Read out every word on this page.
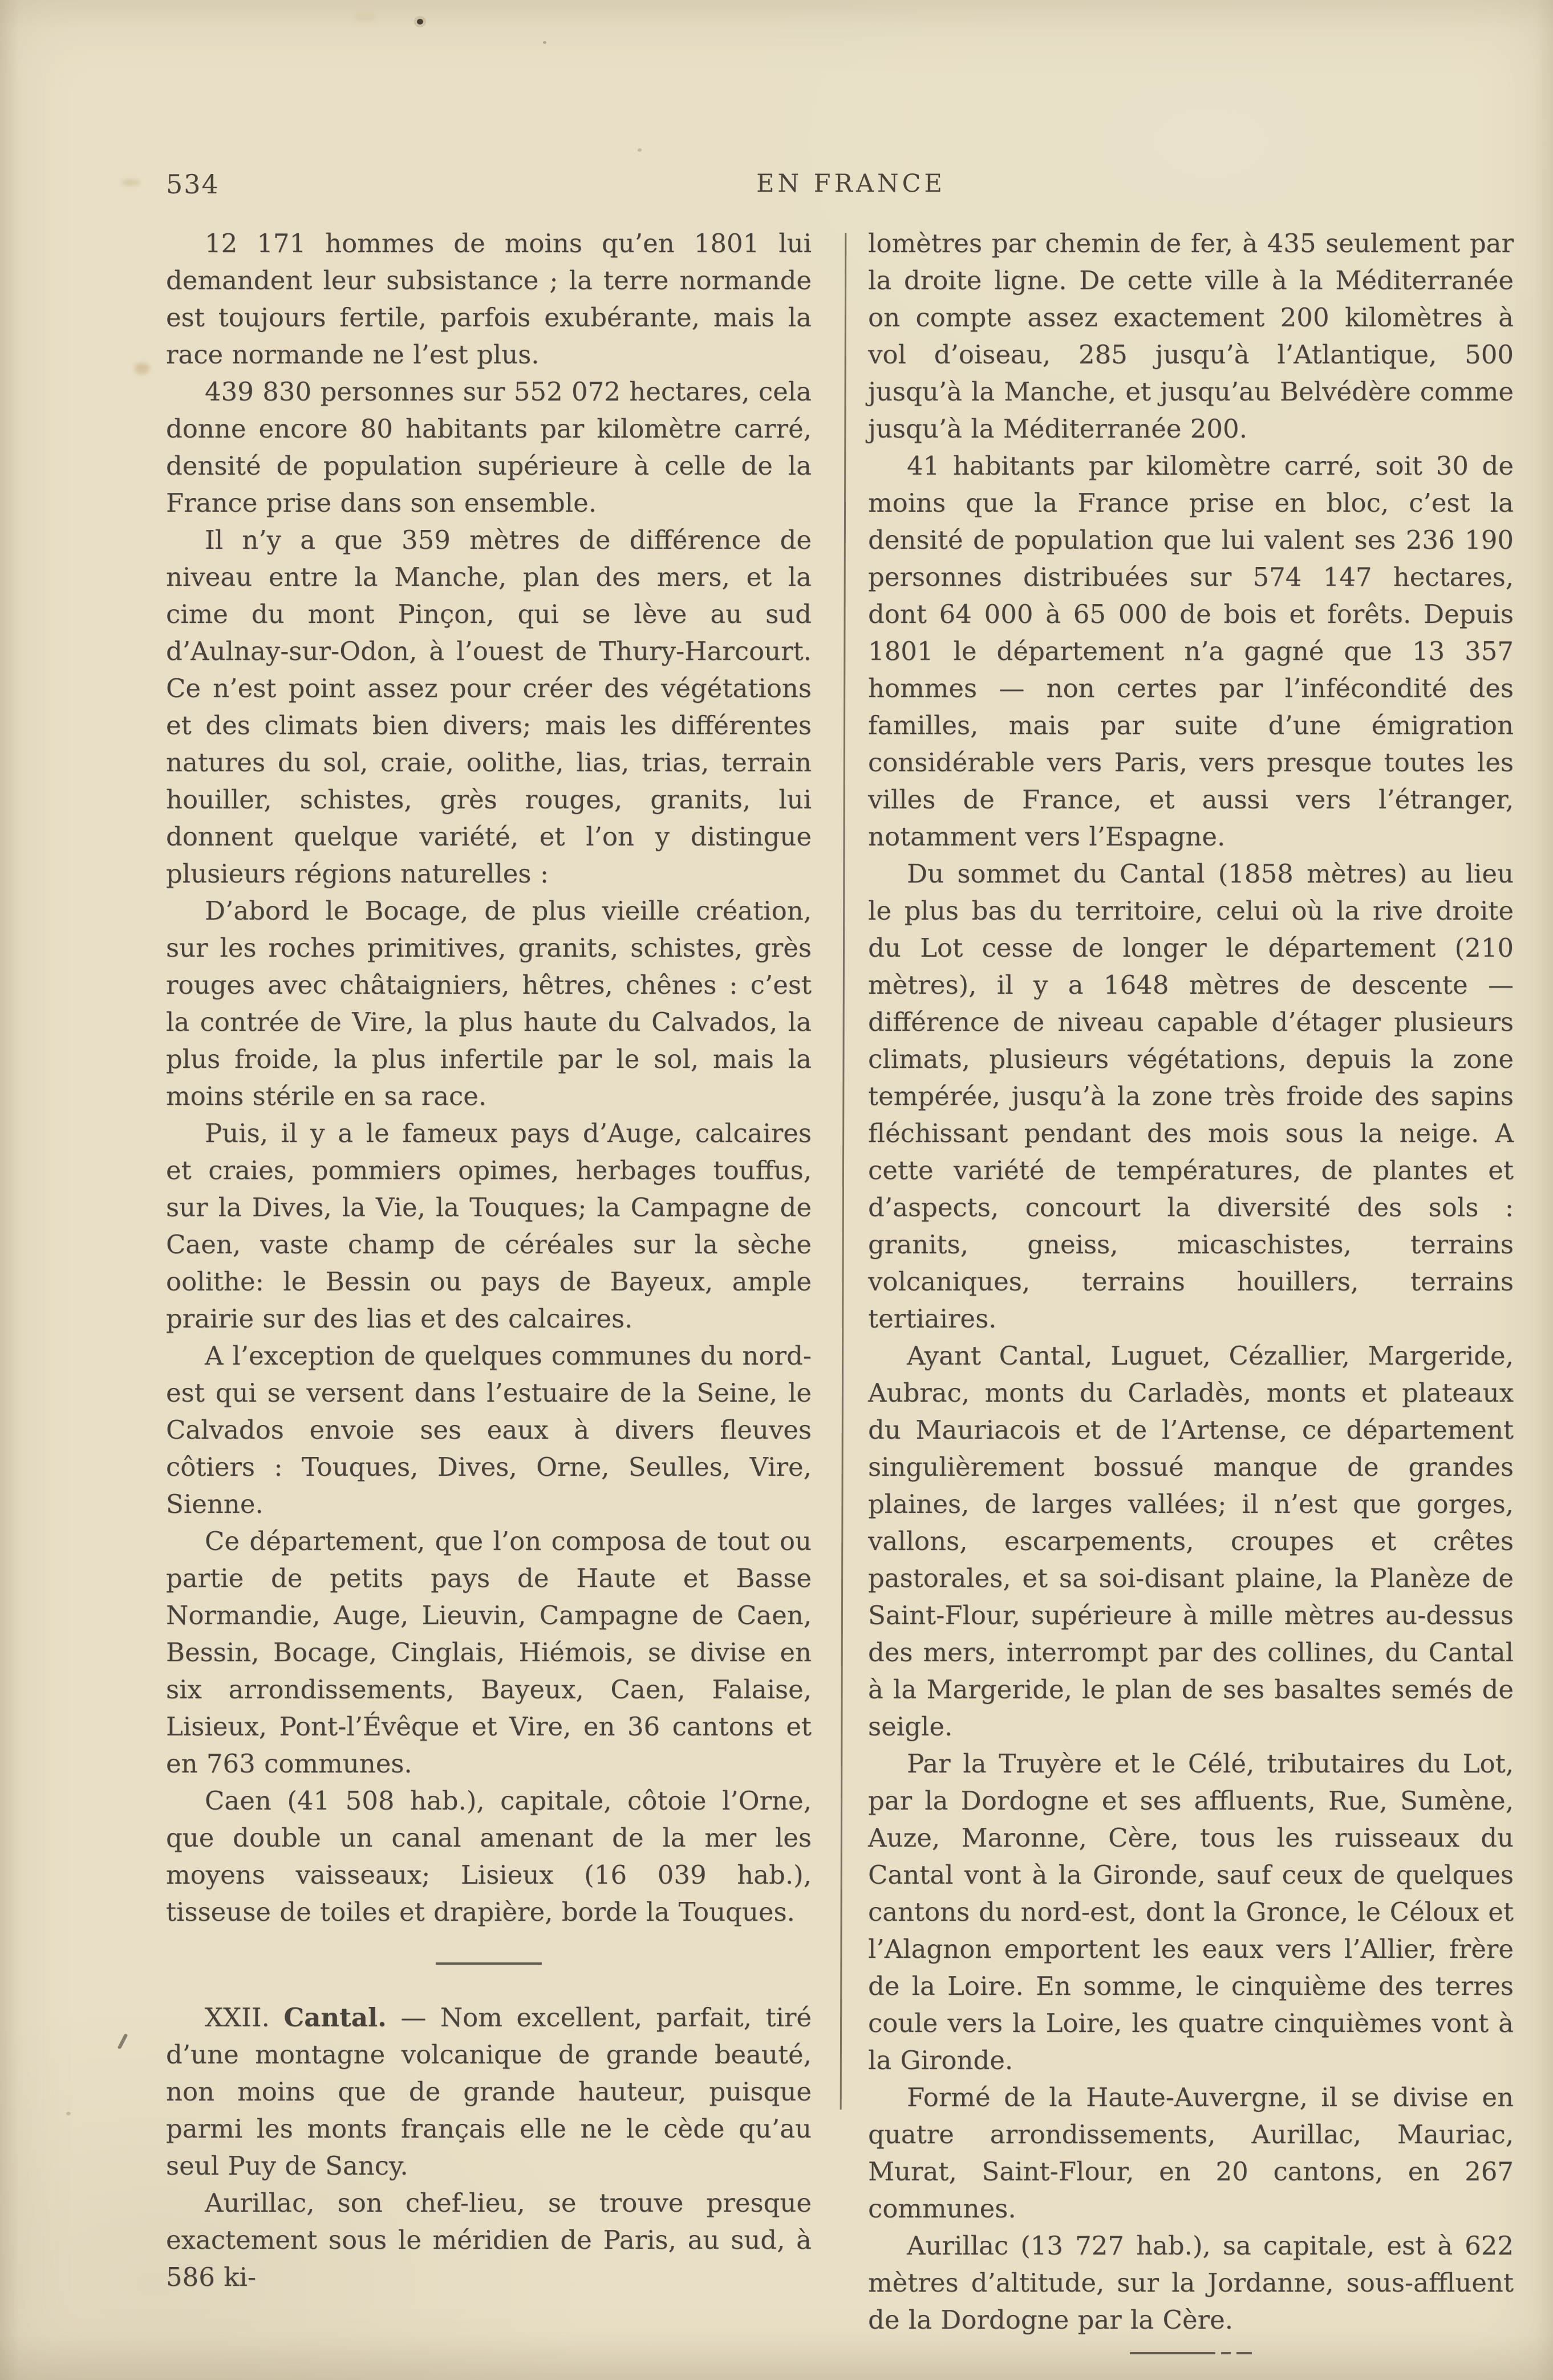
534	EN FRANCE

12 171 hommes de moins qu’en 1801 lui demandent leur subsistance ; la terre normande est toujours fertile, parfois exubérante, mais la race normande ne l’est plus.

439 830 personnes sur 552 072 hectares, cela donne encore 80 habitants par kilomètre carré, densité de population supérieure à celle de la France prise dans son ensemble.

Il n’y a que 359 mètres de différence de niveau entre la Manche, plan des mers, et la cime du mont Pinçon, qui se lève au sud d’Aulnay-sur-Odon, à l’ouest de Thury-Harcourt. Ce n’est point assez pour créer des végétations et des climats bien divers; mais les différentes natures du sol, craie, oolithe, lias, trias, terrain houiller, schistes, grès rouges, granits, lui donnent quelque variété, et l’on y distingue plusieurs régions naturelles :

D’abord le Bocage, de plus vieille création, sur les roches primitives, granits, schistes, grès rouges avec châtaigniers, hêtres, chênes : c’est la contrée de Vire, la plus haute du Calvados, la plus froide, la plus infertile par le sol, mais la moins stérile en sa race.

Puis, il y a le fameux pays d’Auge, calcaires et craies, pommiers opimes, herbages touffus, sur la Dives, la Vie, la Touques; la Campagne de Caen, vaste champ de céréales sur la sèche oolithe: le Bessin ou pays de Bayeux, ample prairie sur des lias et des calcaires.

A l’exception de quelques communes du nord-est qui se versent dans l’estuaire de la Seine, le Calvados envoie ses eaux à divers fleuves côtiers : Touques, Dives, Orne, Seulles, Vire, Sienne.

Ce département, que l’on composa de tout ou partie de petits pays de Haute et Basse Normandie, Auge, Lieuvin, Campagne de Caen, Bessin, Bocage, Cinglais, Hiémois, se divise en six arrondissements, Bayeux, Caen, Falaise, Lisieux, Pont-l’Évêque et Vire, en 36 cantons et en 763 communes.

Caen (41 508 hab.), capitale, côtoie l’Orne, que double un canal amenant de la mer les moyens vaisseaux; Lisieux (16 039 hab.), tisseuse de toiles et drapière, borde la Touques.

XXII. Cantal. — Nom excellent, parfait, tiré d’une montagne volcanique de grande beauté, non moins que de grande hauteur, puisque parmi les monts français elle ne le cède qu’au seul Puy de Sancy.

Aurillac, son chef-lieu, se trouve presque exactement sous le méridien de Paris, au sud, à 586 ki-

lomètres par chemin de fer, à 435 seulement par la droite ligne. De cette ville à la Méditerranée on compte assez exactement 200 kilomètres à vol d’oiseau, 285 jusqu’à l’Atlantique, 500 jusqu’à la Manche, et jusqu’au Belvédère comme jusqu’à la Méditerranée 200.

41 habitants par kilomètre carré, soit 30 de moins que la France prise en bloc, c’est la densité de population que lui valent ses 236 190 personnes distribuées sur 574 147 hectares, dont 64 000 à 65 000 de bois et forêts. Depuis 1801 le département n’a gagné que 13 357 hommes — non certes par l’infécondité des familles, mais par suite d’une émigration considérable vers Paris, vers presque toutes les villes de France, et aussi vers l’étranger, notamment vers l’Espagne.

Du sommet du Cantal (1858 mètres) au lieu le plus bas du territoire, celui où la rive droite du Lot cesse de longer le département (210 mètres), il y a 1648 mètres de descente — différence de niveau capable d’étager plusieurs climats, plusieurs végétations, depuis la zone tempérée, jusqu’à la zone très froide des sapins fléchissant pendant des mois sous la neige. A cette variété de températures, de plantes et d’aspects, concourt la diversité des sols : granits, gneiss, micaschistes, terrains volcaniques, terrains houillers, terrains tertiaires.

Ayant Cantal, Luguet, Cézallier, Margeride, Aubrac, monts du Carladès, monts et plateaux du Mauriacois et de l’Artense, ce département singulièrement bossué manque de grandes plaines, de larges vallées; il n’est que gorges, vallons, escarpements, croupes et crêtes pastorales, et sa soi-disant plaine, la Planèze de Saint-Flour, supérieure à mille mètres au-dessus des mers, interrompt par des collines, du Cantal à la Margeride, le plan de ses basaltes semés de seigle.

Par la Truyère et le Célé, tributaires du Lot, par la Dordogne et ses affluents, Rue, Sumène, Auze, Maronne, Cère, tous les ruisseaux du Cantal vont à la Gironde, sauf ceux de quelques cantons du nord-est, dont la Gronce, le Céloux et l’Alagnon emportent les eaux vers l’Allier, frère de la Loire. En somme, le cinquième des terres coule vers la Loire, les quatre cinquièmes vont à la Gironde.

Formé de la Haute-Auvergne, il se divise en quatre arrondissements, Aurillac, Mauriac, Murat, Saint-Flour, en 20 cantons, en 267 communes.

Aurillac (13 727 hab.), sa capitale, est à 622 mètres d’altitude, sur la Jordanne, sous-affluent de la Dordogne par la Cère.
